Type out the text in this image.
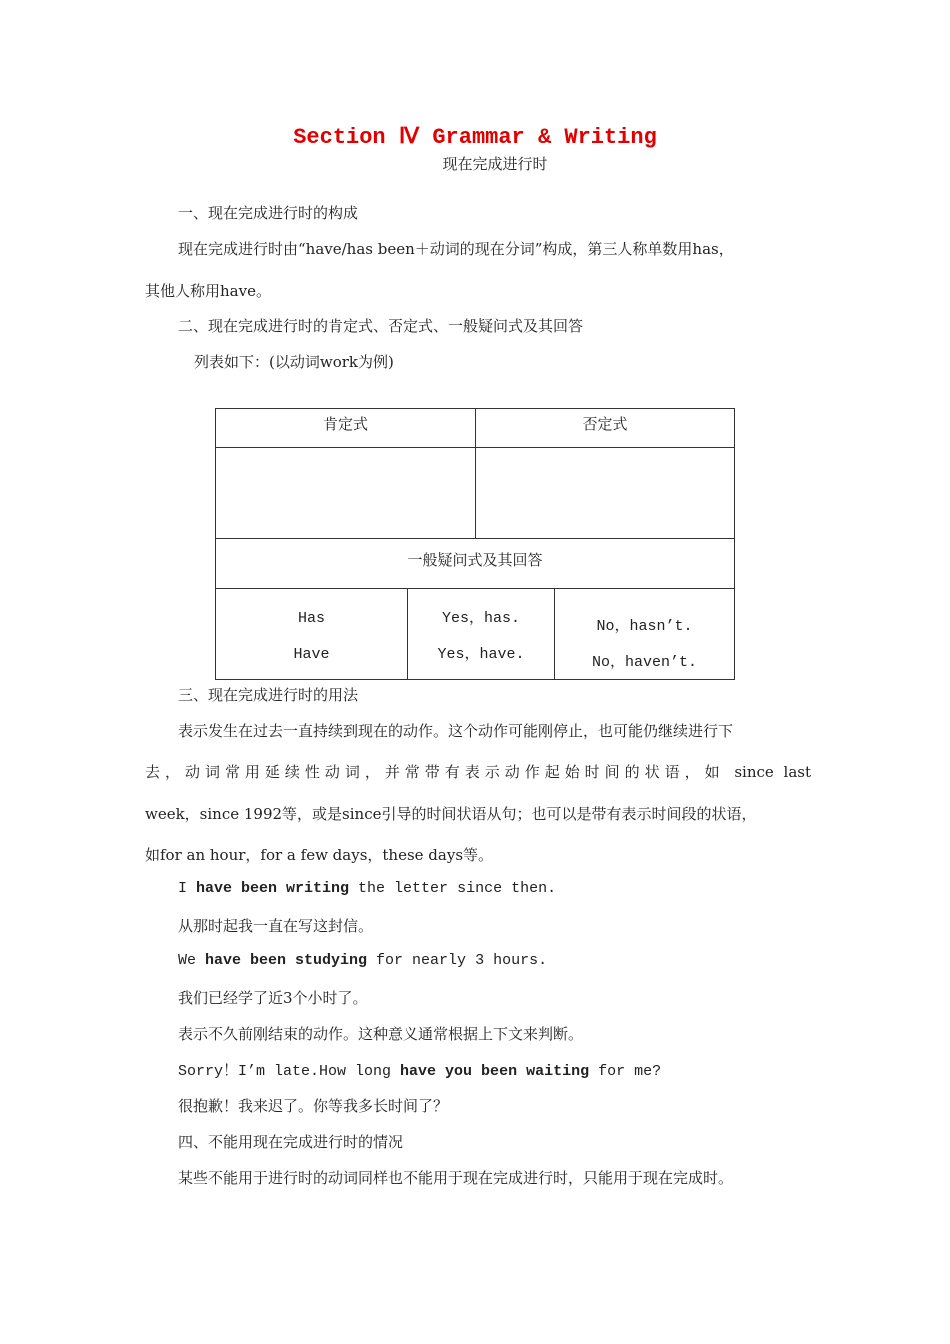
Section Ⅳ Grammar & Writing
现在完成进行时
一、现在完成进行时的构成
现在完成进行时由“have/has been＋动词的现在分词”构成，第三人称单数用has，
其他人称用have。
二、现在完成进行时的肯定式、否定式、一般疑问式及其回答
列表如下：(以动词work为例)
肯定式	否定式
一般疑问式及其回答
Has
Have
Yes，has.
Yes，have.
No，hasn’t.
No，haven’t.
三、现在完成进行时的用法
表示发生在过去一直持续到现在的动作。这个动作可能刚停止，也可能仍继续进行下
去，动词常用延续性动词，并常带有表示动作起始时间的状语，如 since last
week，since 1992等，或是since引导的时间状语从句；也可以是带有表示时间段的状语，
如for an hour，for a few days，these days等。
I have been writing the letter since then.
从那时起我一直在写这封信。
We have been studying for nearly 3 hours.
我们已经学了近3个小时了。
表示不久前刚结束的动作。这种意义通常根据上下文来判断。
Sorry！I’m late.How long have you been waiting for me?
很抱歉！我来迟了。你等我多长时间了？
四、不能用现在完成进行时的情况
某些不能用于进行时的动词同样也不能用于现在完成进行时，只能用于现在完成时。
